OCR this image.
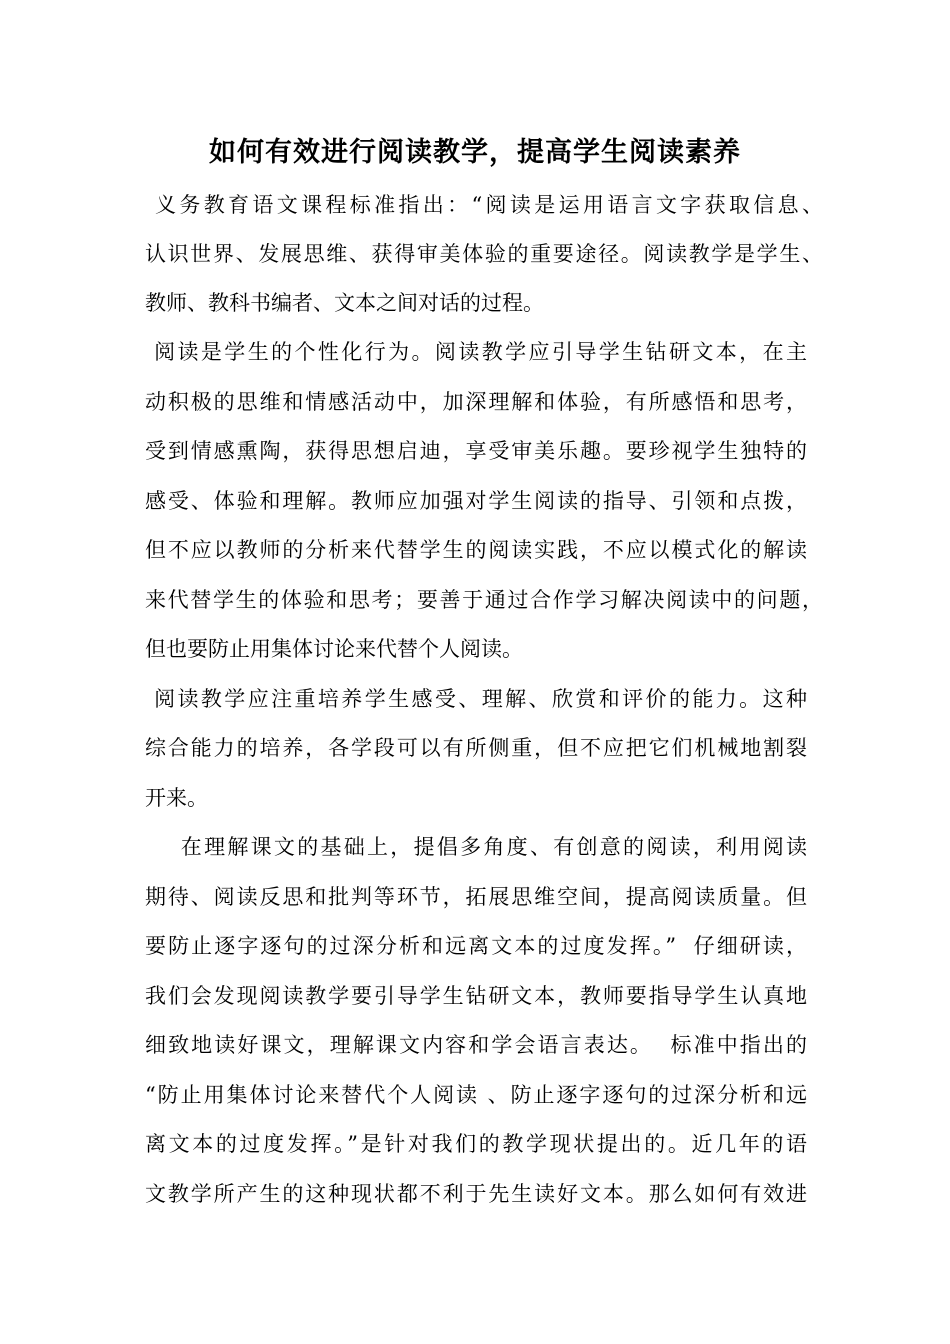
如何有效进行阅读教学，提高学生阅读素养

义务教育语文课程标准指出：“阅读是运用语言文字获取信息、

认识世界、发展思维、获得审美体验的重要途径。阅读教学是学生、

教师、教科书编者、文本之间对话的过程。

阅读是学生的个性化行为。阅读教学应引导学生钻研文本，在主

动积极的思维和情感活动中，加深理解和体验，有所感悟和思考，

受到情感熏陶，获得思想启迪，享受审美乐趣。要珍视学生独特的

感受、体验和理解。教师应加强对学生阅读的指导、引领和点拨，

但不应以教师的分析来代替学生的阅读实践，不应以模式化的解读

来代替学生的体验和思考；要善于通过合作学习解决阅读中的问题，

但也要防止用集体讨论来代替个人阅读。

阅读教学应注重培养学生感受、理解、欣赏和评价的能力。这种

综合能力的培养，各学段可以有所侧重，但不应把它们机械地割裂

开来。

在理解课文的基础上，提倡多角度、有创意的阅读，利用阅读

期待、阅读反思和批判等环节，拓展思维空间，提高阅读质量。但

要防止逐字逐句的过深分析和远离文本的过度发挥。”  仔细研读，

我们会发现阅读教学要引导学生钻研文本，教师要指导学生认真地

细致地读好课文，理解课文内容和学会语言表达。  标准中指出的

“防止用集体讨论来替代个人阅读 、防止逐字逐句的过深分析和远

离文本的过度发挥。”是针对我们的教学现状提出的。近几年的语

文教学所产生的这种现状都不利于先生读好文本。那么如何有效进
